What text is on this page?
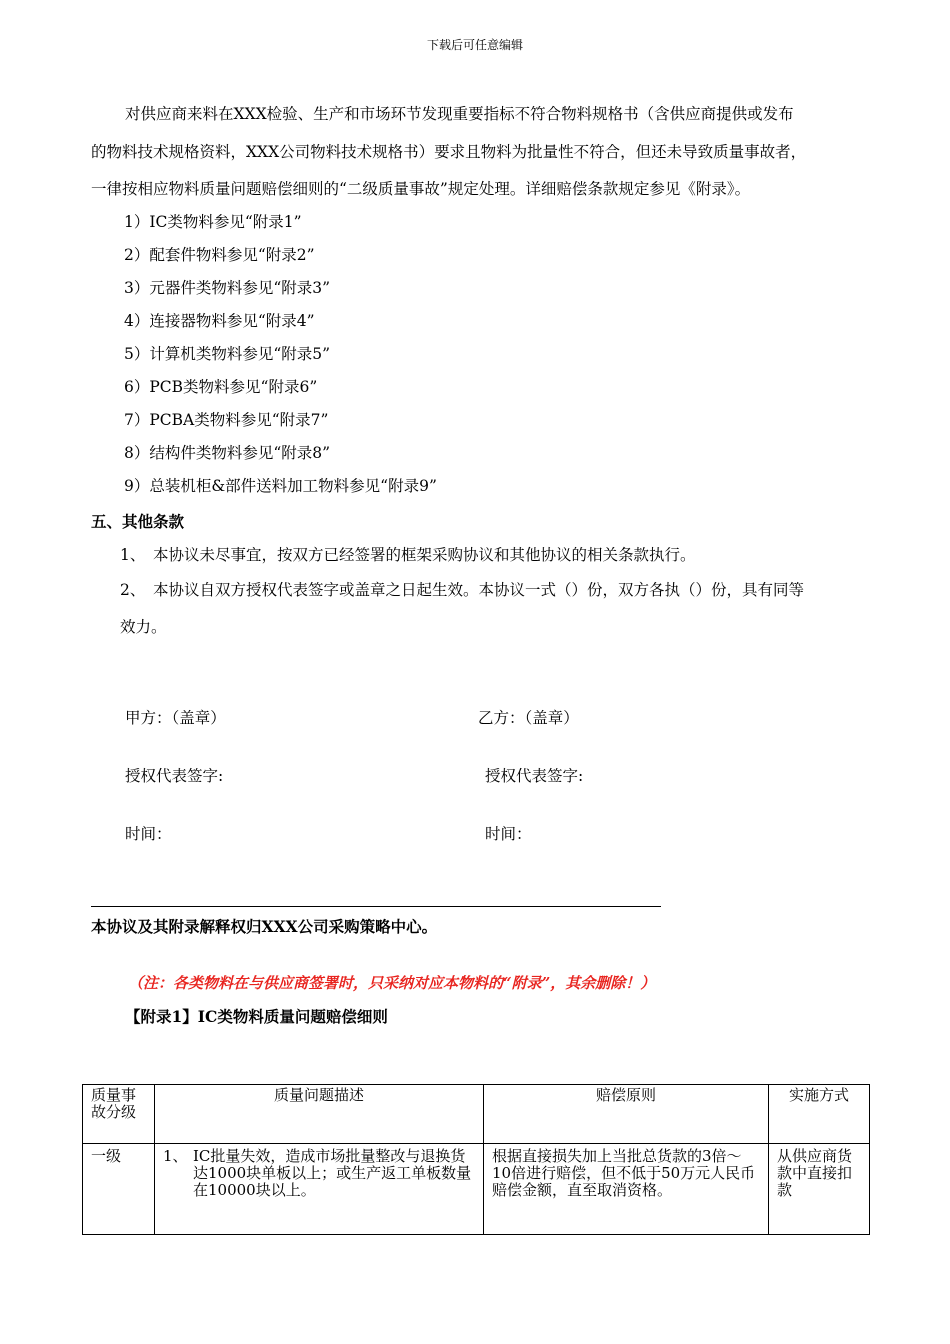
下载后可任意编辑
对供应商来料在XXX检验、生产和市场环节发现重要指标不符合物料规格书（含供应商提供或发布
的物料技术规格资料，XXX公司物料技术规格书）要求且物料为批量性不符合，但还未导致质量事故者，
一律按相应物料质量问题赔偿细则的“二级质量事故”规定处理。详细赔偿条款规定参见《附录》。
1）IC类物料参见“附录1”
2）配套件物料参见“附录2”
3）元器件类物料参见“附录3”
4）连接器物料参见“附录4”
5）计算机类物料参见“附录5”
6）PCB类物料参见“附录6”
7）PCBA类物料参见“附录7”
8）结构件类物料参见“附录8”
9）总装机柜&部件送料加工物料参见“附录9”
五、其他条款
1、 本协议未尽事宜，按双方已经签署的框架采购协议和其他协议的相关条款执行。
2、 本协议自双方授权代表签字或盖章之日起生效。本协议一式（）份，双方各执（）份，具有同等
效力。
甲方：（盖章）	乙方：（盖章）
授权代表签字:	授权代表签字:
时间：	时间：
本协议及其附录解释权归XXX公司采购策略中心。
（注：各类物料在与供应商签署时，只采纳对应本物料的“附录”，其余删除！）
【附录1】IC类物料质量问题赔偿细则
质量事故分级	质量问题描述	赔偿原则	实施方式
一级	1、 IC批量失效，造成市场批量整改与退换货达1000块单板以上；或生产返工单板数量在10000块以上。	根据直接损失加上当批总货款的3倍～10倍进行赔偿，但不低于50万元人民币赔偿金额，直至取消资格。	从供应商货款中直接扣款
